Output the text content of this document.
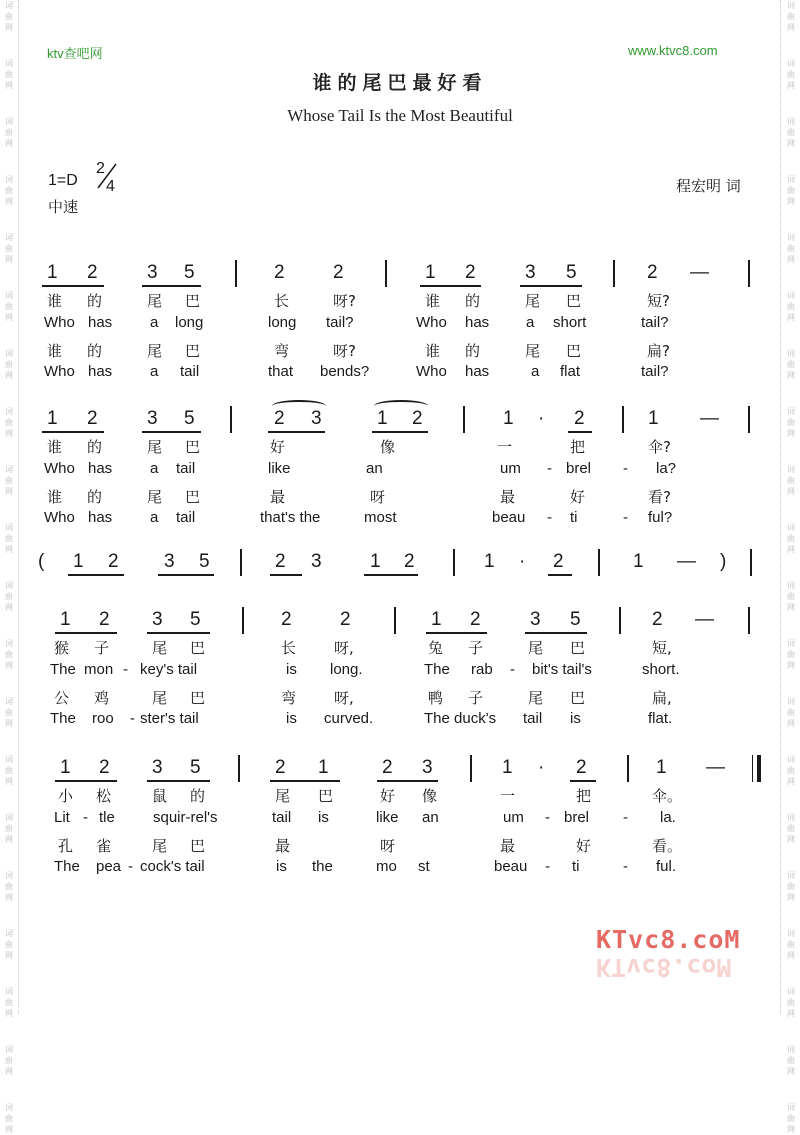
词
曲
网
词
曲
网
词
曲
网
词
曲
网
词
曲
网
词
曲
网
词
曲
网
词
曲
网
词
曲
网
词
曲
网
词
曲
网
词
曲
网
词
曲
网
词
曲
网
词
曲
网
词
曲
网
词
曲
网
词
曲
网
词
曲
网
词
曲
网
词
曲
网
词
曲
网
词
曲
网
词
曲
网
词
曲
网
词
曲
网
词
曲
网
词
曲
网
词
曲
网
词
曲
网
词
曲
网
词
曲
网
词
曲
网
词
曲
网
词
曲
网
词
曲
网
词
曲
网
词
曲
网
词
曲
网
词
曲
网
ktv查吧网	www.ktvc8.com
谁的尾巴最好看
Whose Tail Is the Most Beautiful
1=D
2
4
中速
程宏明 词
1 2	3 5	2	2	1 2	3 5	2 —
谁 的	尾 巴	长	呀?	谁 的	尾 巴	短?
Who has	a long	long tail?	Who has a short	tail?
谁 的	尾 巴	弯	呀?	谁 的	尾 巴	扁?
Who has	a tail	that bends?	Who has	a flat	tail?
1 2	3 5	2 3	1 2	1 · 2	1 —
谁 的	尾 巴	好	像	一	把	伞?
Who has	a tail	like	an	um	brel	la?
谁 的	尾 巴	最	呀	最	好	看?
Who has	a tail	that's the	most	beau	ti	ful?
-	-
-	-
( 1 2 3 5	2 3	1 2	1 · 2	1 — )
1 2 3 5	2	2	1 2	3 5	2 —
猴 子	尾 巴	长	呀,	兔 子	尾 巴	短,
The mon key's tail	is long.	The rab	bit's tail's	short.
公 鸡	尾 巴	弯	呀,	鸭 子	尾 巴	扁,
The roo ster's tail	is curved.	The duck's tail is	flat.
-	-
-
1 2 3 5	2 1	2 3	1 · 2	1 —
小 松	鼠 的	尾 巴	好 像	一	把	伞。
Lit tle	squir-rel's	tail is	like an	um	brel	la.
孔 雀	尾 巴	最	呀	最	好	看。
The pea cock's tail	is the	mo st	beau	ti	ful.
-	-	-
-	-	-
KTvc8.coM
KTvc8.coM
